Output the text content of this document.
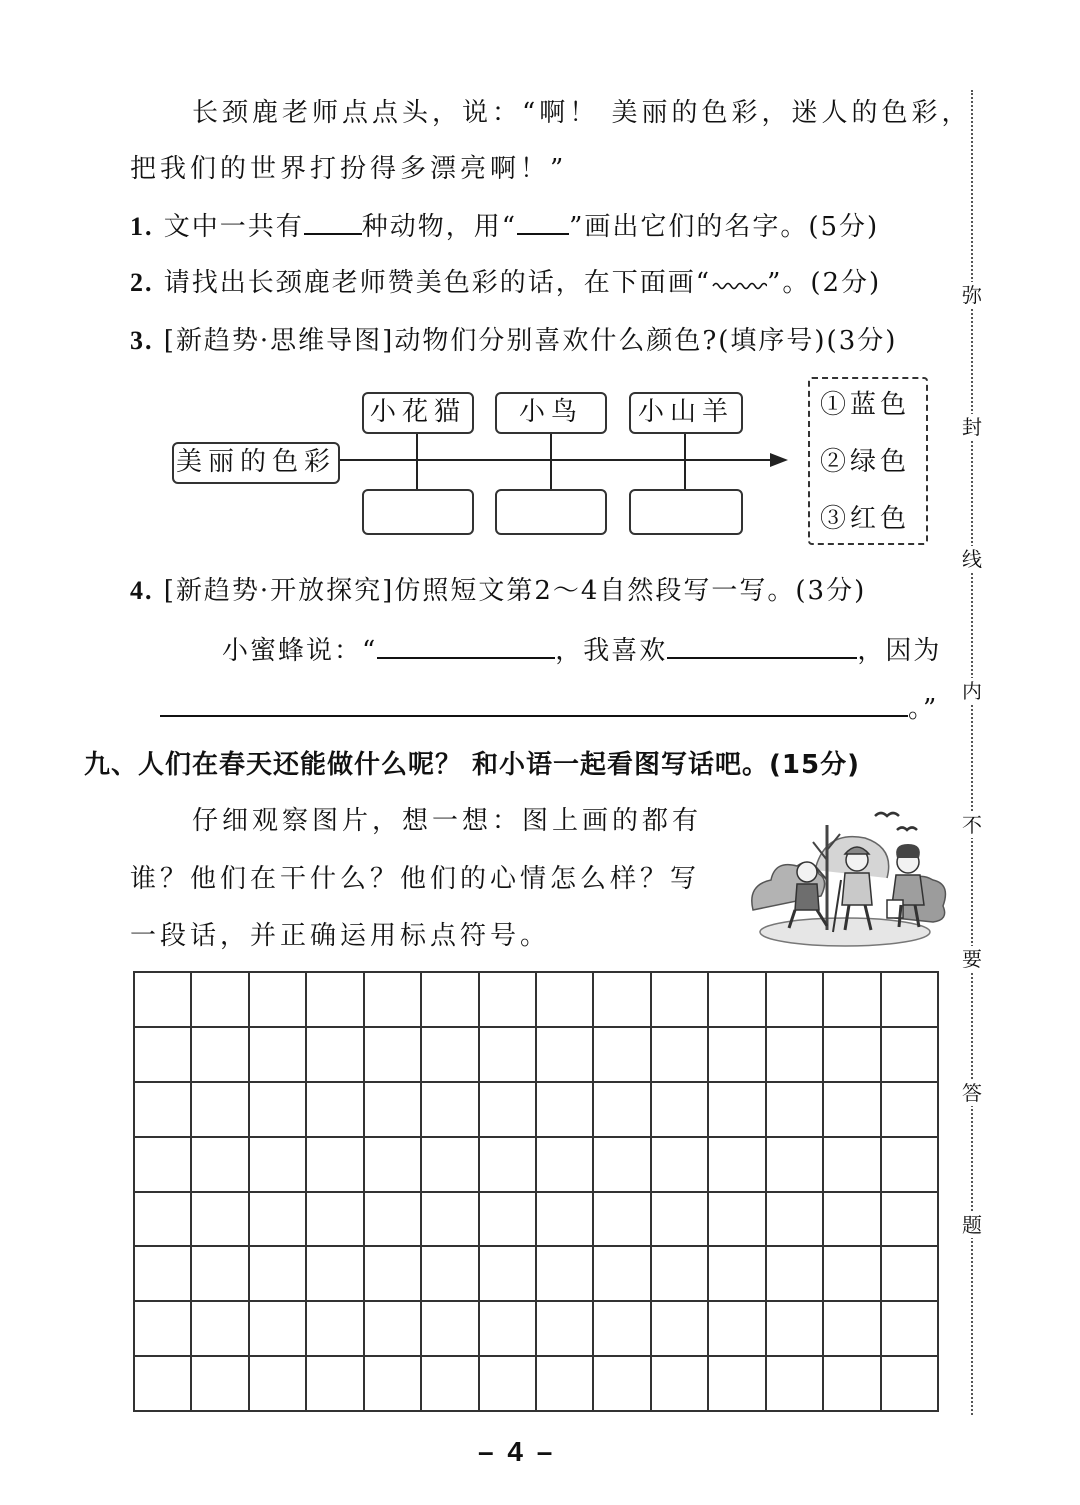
长颈鹿老师点点头，说：“啊！ 美丽的色彩，迷人的色彩，
把我们的世界打扮得多漂亮啊！”
1. 文中一共有 种动物，用“ ”画出它们的名字。(5分)
2. 请找出长颈鹿老师赞美色彩的话，在下面画“ ”。(2分)
3. [新趋势·思维导图]动物们分别喜欢什么颜色?(填序号)(3分)
美丽的色彩
小花猫	小鸟	小山羊	①蓝色
②绿色
③红色
4. [新趋势·开放探究]仿照短文第2～4自然段写一写。(3分)
小蜜蜂说：“	，我喜欢	，因为
。”
九、人们在春天还能做什么呢？ 和小语一起看图写话吧。(15分)
仔细观察图片，想一想：图上画的都有
谁？他们在干什么？他们的心情怎么样？写
一段话，并正确运用标点符号。
弥
封
线
内
不
要
答
题
– 4 –
